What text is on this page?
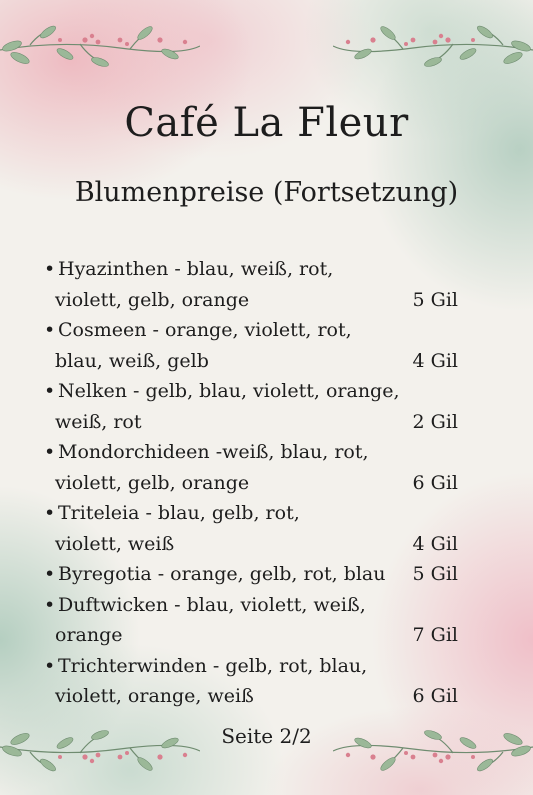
Café La Fleur
Blumenpreise (Fortsetzung)
• Hyazinthen - blau, weiß, rot,
violett, gelb, orange	5 Gil
• Cosmeen - orange, violett, rot,
blau, weiß, gelb	4 Gil
• Nelken - gelb, blau, violett, orange,
weiß, rot	2 Gil
• Mondorchideen -weiß, blau, rot,
violett, gelb, orange	6 Gil
• Triteleia - blau, gelb, rot,
violett, weiß	4 Gil
• Byregotia - orange, gelb, rot, blau	5 Gil
• Duftwicken - blau, violett, weiß,
orange	7 Gil
• Trichterwinden - gelb, rot, blau,
violett, orange, weiß	6 Gil
Seite 2/2
